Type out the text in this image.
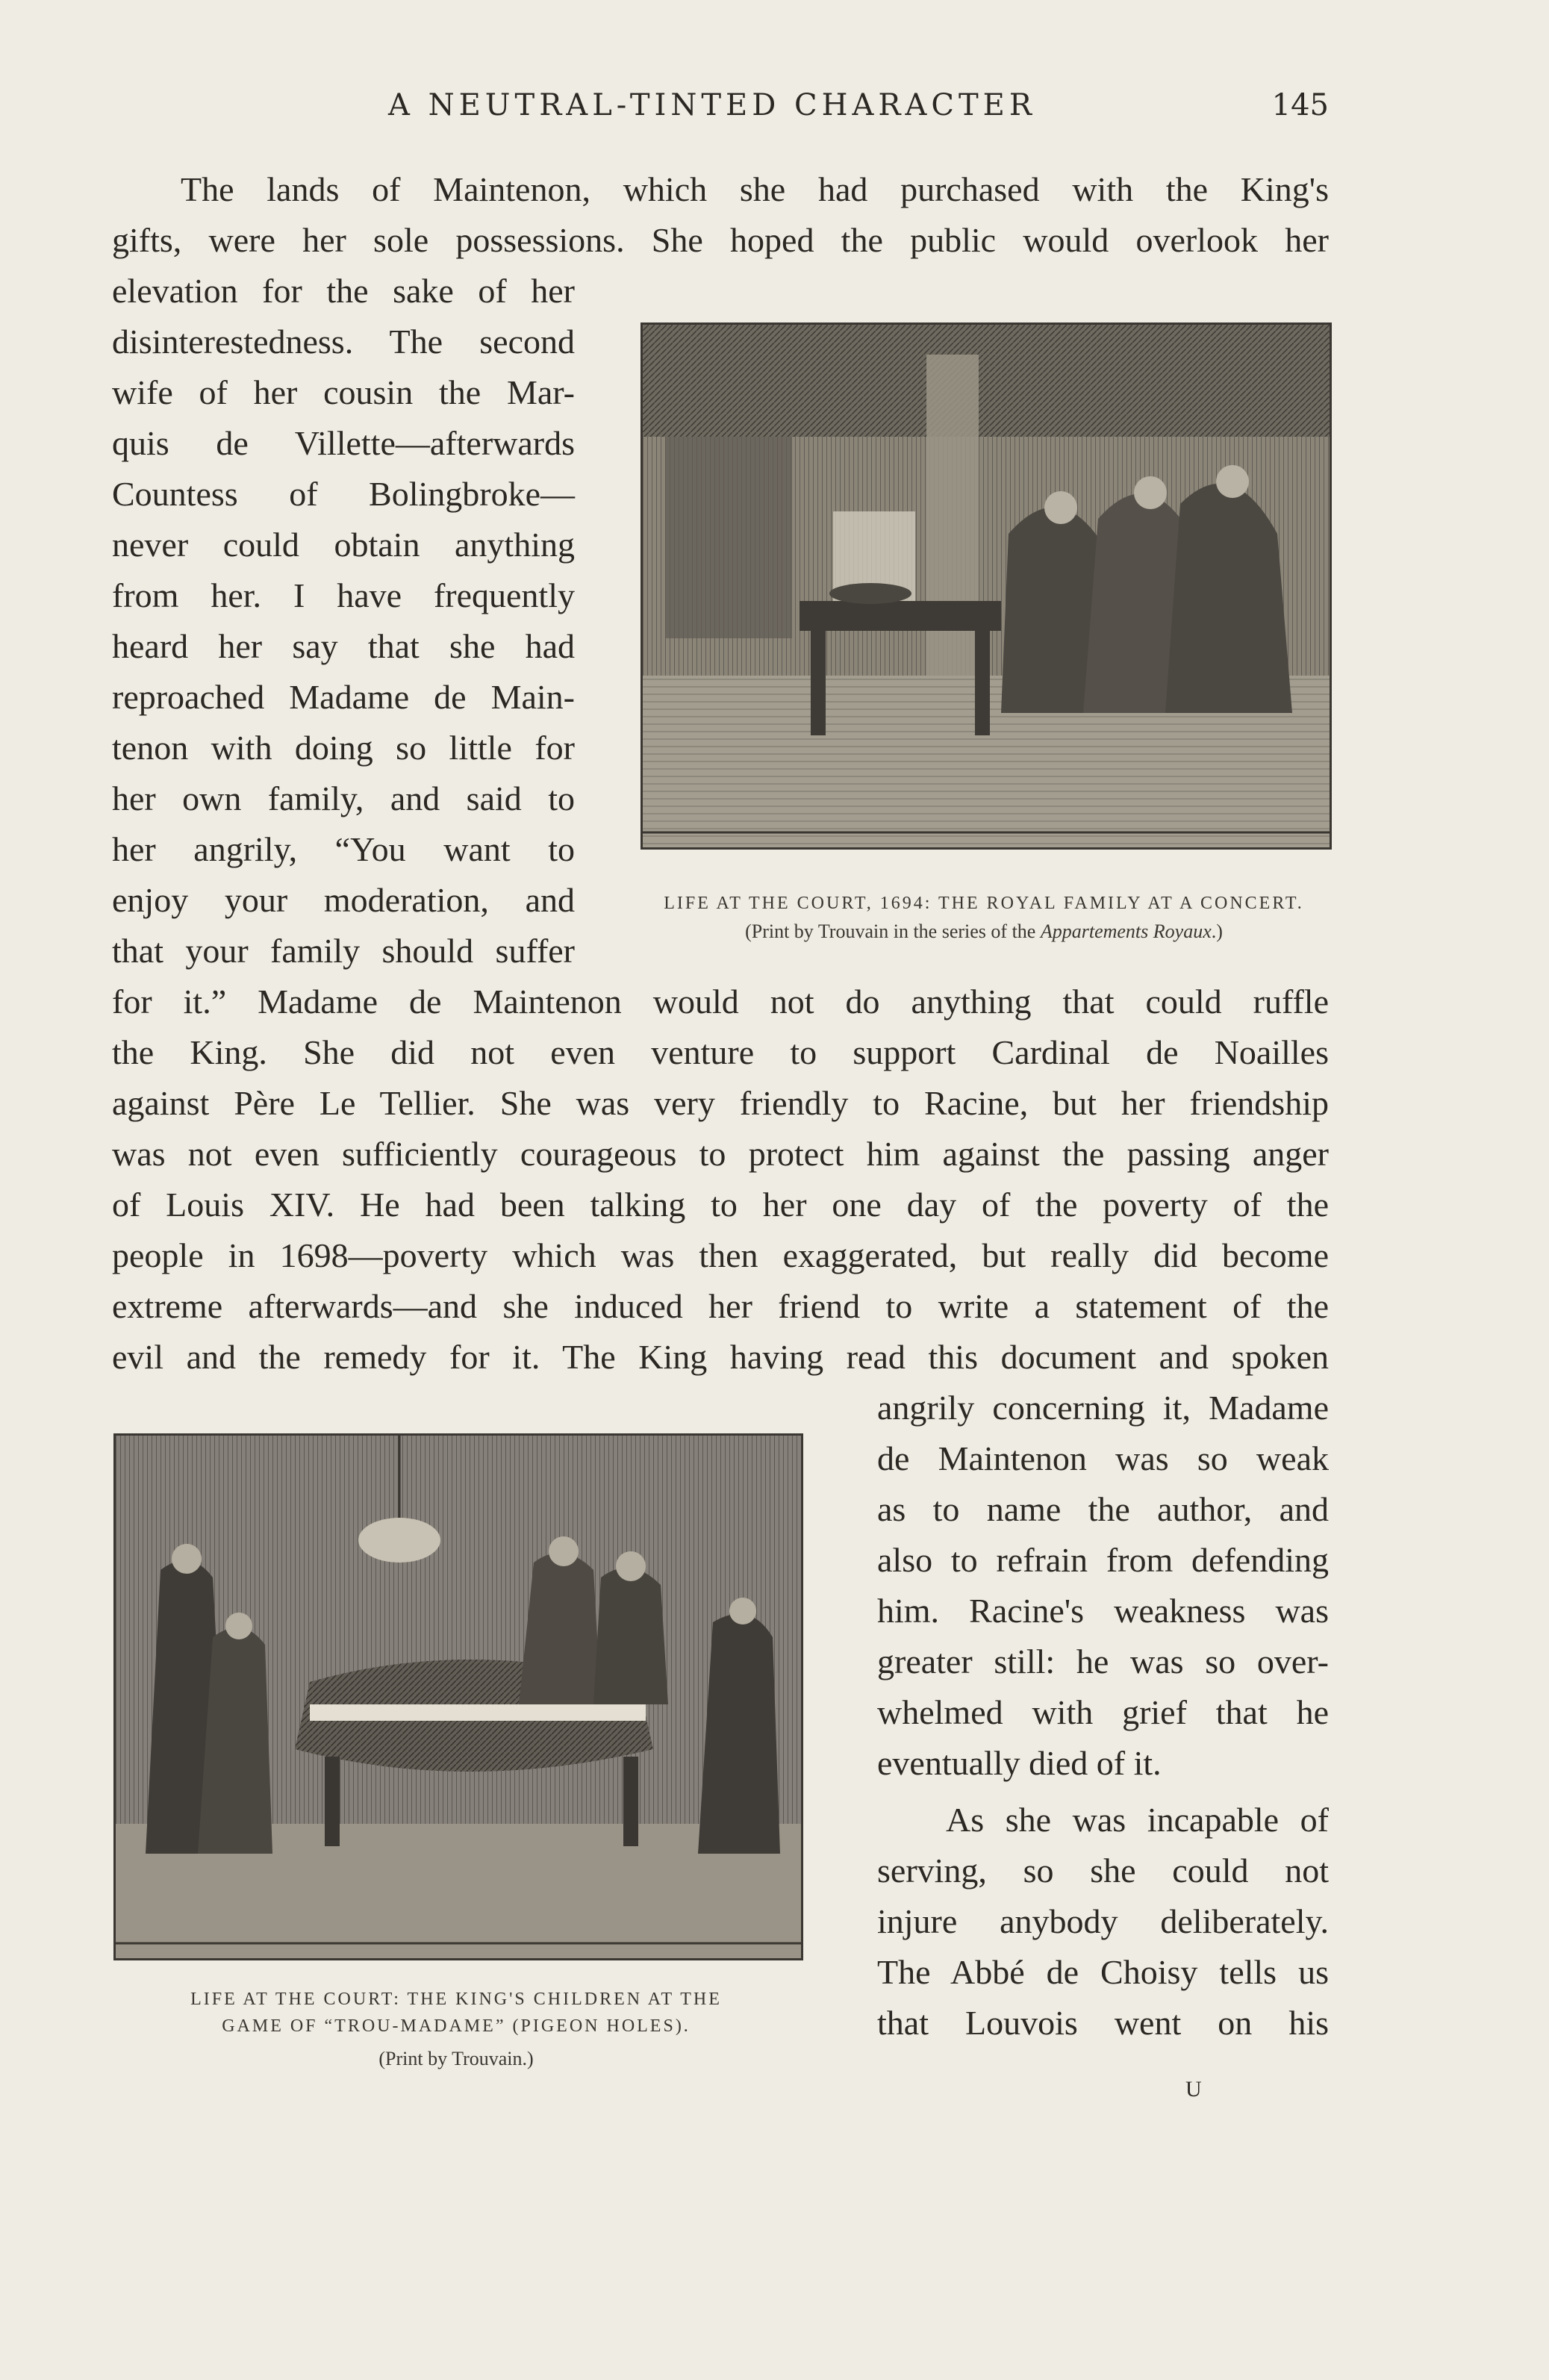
A NEUTRAL-TINTED CHARACTER	145
The lands of Maintenon, which she had purchased with the King's
gifts, were her sole possessions. She hoped the public would overlook her
elevation for the sake of her
disinterestedness. The second
wife of her cousin the Mar-
quis de Villette—afterwards
Countess of Bolingbroke—
never could obtain anything
from her. I have frequently
heard her say that she had
reproached Madame de Main-
tenon with doing so little for
her own family, and said to
her angrily, “You want to
enjoy your moderation, and
that your family should suffer
LIFE AT THE COURT, 1694: THE ROYAL FAMILY AT A CONCERT.
(Print by Trouvain in the series of the Appartements Royaux.)
for it.” Madame de Maintenon would not do anything that could ruffle
the King. She did not even venture to support Cardinal de Noailles
against Père Le Tellier. She was very friendly to Racine, but her friendship
was not even sufficiently courageous to protect him against the passing anger
of Louis XIV. He had been talking to her one day of the poverty of the
people in 1698—poverty which was then exaggerated, but really did become
extreme afterwards—and she induced her friend to write a statement of the
evil and the remedy for it. The King having read this document and spoken
angrily concerning it, Madame
de Maintenon was so weak
as to name the author, and
also to refrain from defending
him. Racine's weakness was
greater still: he was so over-
whelmed with grief that he
eventually died of it.
LIFE AT THE COURT: THE KING'S CHILDREN AT THE
GAME OF “TROU-MADAME” (PIGEON HOLES).
(Print by Trouvain.)
As she was incapable of
serving, so she could not
injure anybody deliberately.
The Abbé de Choisy tells us
that Louvois went on his
U
